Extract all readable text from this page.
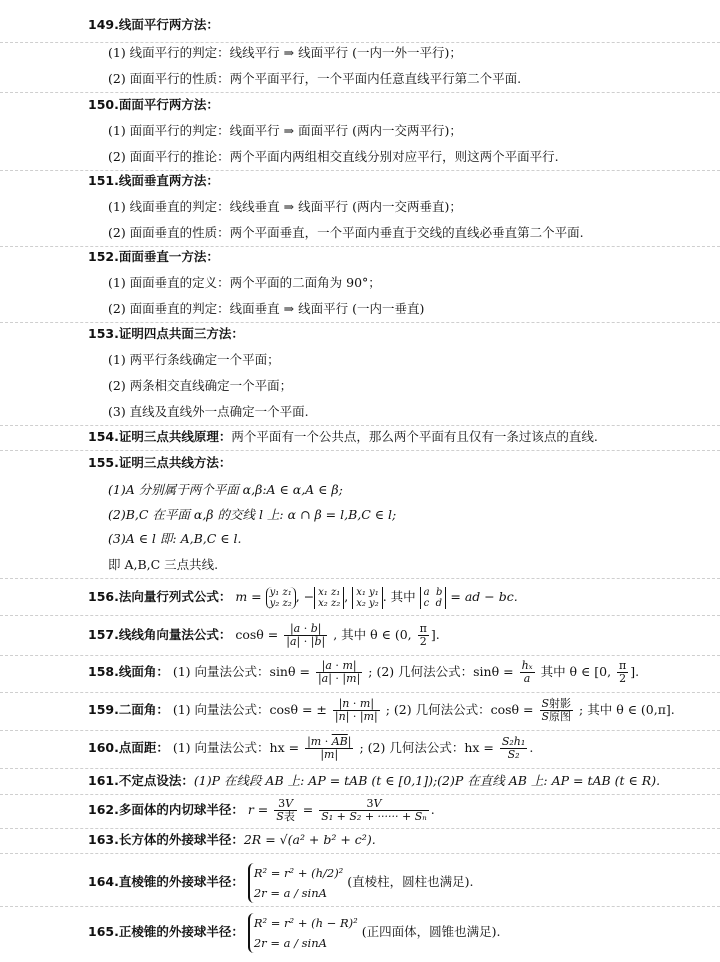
149.线面平行两方法：
(1) 线面平行的判定：线线平行 ⇒ 线面平行 (一内一外一平行)；
(2) 面面平行的性质：两个平面平行，一个平面内任意直线平行第二个平面.
150.面面平行两方法：
(1) 面面平行的判定：线面平行 ⇒ 面面平行 (两内一交两平行)；
(2) 面面平行的推论：两个平面内两组相交直线分别对应平行，则这两个平面平行.
151.线面垂直两方法：
(1) 线面垂直的判定：线线垂直 ⇒ 线面平行 (两内一交两垂直)；
(2) 面面垂直的性质：两个平面垂直，一个平面内垂直于交线的直线必垂直第二个平面.
152.面面垂直一方法：
(1) 面面垂直的定义：两个平面的二面角为 90°；
(2) 面面垂直的判定：线面垂直 ⇒ 线面平行 (一内一垂直)
153.证明四点共面三方法：
(1) 两平行条线确定一个平面；
(2) 两条相交直线确定一个平面；
(3) 直线及直线外一点确定一个平面.
154.证明三点共线原理：两个平面有一个公共点，那么两个平面有且仅有一条过该点的直线.
155.证明三点共线方法：
(1)A 分别属于两个平面 α,β:A ∈ α,A ∈ β;
(2)B,C 在平面 α,β 的交线 l 上: α ∩ β = l,B,C ∈ l;
(3)A ∈ l 即: A,B,C ∈ l.
即 A,B,C 三点共线.
156.法向量行列式公式： m = y₁ z₁
y₂ z₂ , − x₁ z₁
x₂ z₂ , x₁ y₁
x₂ y₂ . 其中 a  b
c  d = ad − bc.
157.线线角向量法公式： $\cos\theta = \frac{|a \cdot b|}{|a| \cdot |b|}$ , 其中 θ ∈ (0, $\frac{\pi}{2}$ ].
158.线面角： (1) 向量法公式：$\sin\theta = \frac{|a \cdot m|}{|a| \cdot |m|}$ ; (2) 几何法公式：$\sin\theta = \frac{\text{hₓ}}{a}$ 其中 θ ∈ [0, $\frac{\pi}{2}$ ].
159.二面角： (1) 向量法公式：cosθ = ± $\frac{|n \cdot m|}{|n| \cdot |m|}$ ; (2) 几何法公式：$\cos\theta = \frac{\text{S射影}}{\text{S原图}}$ ; 其中 θ ∈ (0,π].
160.点面距： (1) 向量法公式：hx = $\frac{|m \cdot \overline{AB}|}{|m|}$ ; (2) 几何法公式：hx = $\frac{\text{S₂h₁}}{\text{S₂}}$ .
161.不定点设法：(1)P 在线段 AB 上: AP = tAB (t ∈ [0,1]);(2)P 在直线 AB 上: AP = tAB (t ∈ R).
162.多面体的内切球半径： $r = \frac{3V}{\text{S表}} = \frac{3V}{\text{S₁ + S₂ + ······ + Sₙ}}$ .
163.长方体的外接球半径：2R = √(a² + b² + c²).
164.直棱锥的外接球半径：
R² = r² + (h/2)²
2r = a / sinA
(直棱柱，圆柱也满足).
165.正棱锥的外接球半径：
R² = r² + (h − R)²
2r = a / sinA
(正四面体，圆锥也满足).
